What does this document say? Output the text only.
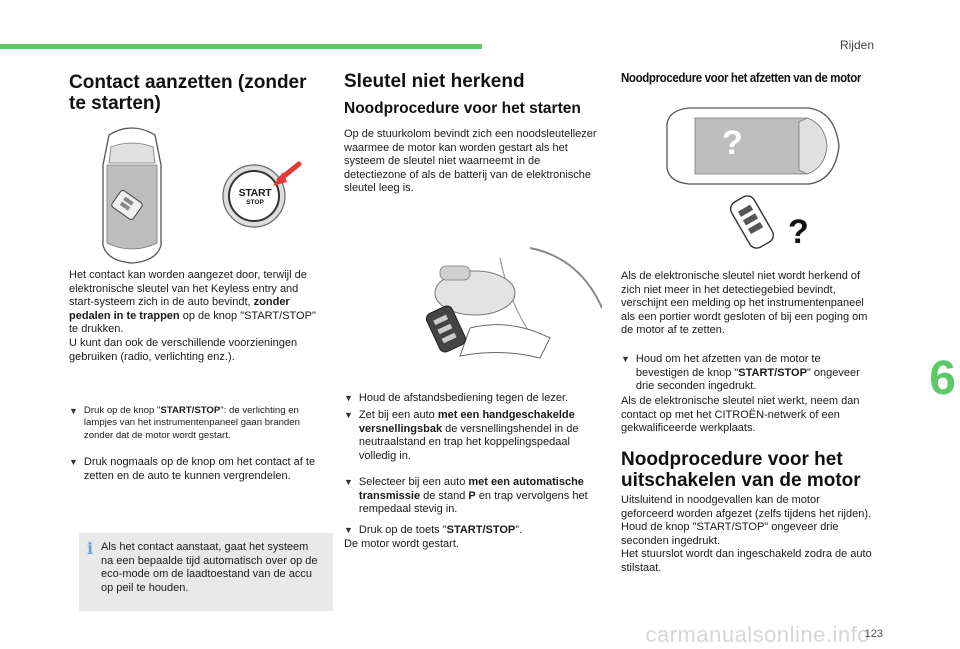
Rijden
6
Contact aanzetten (zonder te starten)
START
STOP

Het contact kan worden aangezet door, terwijl de elektronische sleutel van het Keyless entry and start-systeem zich in de auto bevindt, zonder pedalen in te trappen op de knop "START/STOP" te drukken.
U kunt dan ook de verschillende voorzieningen gebruiken (radio, verlichting enz.).

▼ Druk op de knop "START/STOP": de verlichting en lampjes van het instrumentenpaneel gaan branden zonder dat de motor wordt gestart.

▼ Druk nogmaals op de knop om het contact af te zetten en de auto te kunnen vergrendelen.

i Als het contact aanstaat, gaat het systeem na een bepaalde tijd automatisch over op de eco-mode om de laadtoestand van de accu op peil te houden.

Sleutel niet herkend
Noodprocedure voor het starten

Op de stuurkolom bevindt zich een noodsleutellezer waarmee de motor kan worden gestart als het systeem de sleutel niet waarneemt in de detectiezone of als de batterij van de elektronische sleutel leeg is.

▼ Houd de afstandsbediening tegen de lezer.

▼ Zet bij een auto met een handgeschakelde versnellingsbak de versnellingshendel in de neutraalstand en trap het koppelingspedaal volledig in.

▼ Selecteer bij een auto met een automatische transmissie de stand P en trap vervolgens het rempedaal stevig in.

▼ Druk op de toets "START/STOP".

De motor wordt gestart.

Noodprocedure voor het afzetten van de motor
?
?

Als de elektronische sleutel niet wordt herkend of zich niet meer in het detectiegebied bevindt, verschijnt een melding op het instrumentenpaneel als een portier wordt gesloten of bij een poging om de motor af te zetten.

▼ Houd om het afzetten van de motor te bevestigen de knop "START/STOP" ongeveer drie seconden ingedrukt.

Als de elektronische sleutel niet werkt, neem dan contact op met het CITROËN-netwerk of een gekwalificeerde werkplaats.

Noodprocedure voor het uitschakelen van de motor

Uitsluitend in noodgevallen kan de motor geforceerd worden afgezet (zelfs tijdens het rijden).
Houd de knop "START/STOP" ongeveer drie seconden ingedrukt.
Het stuurslot wordt dan ingeschakeld zodra de auto stilstaat.

carmanualsonline.info
123
